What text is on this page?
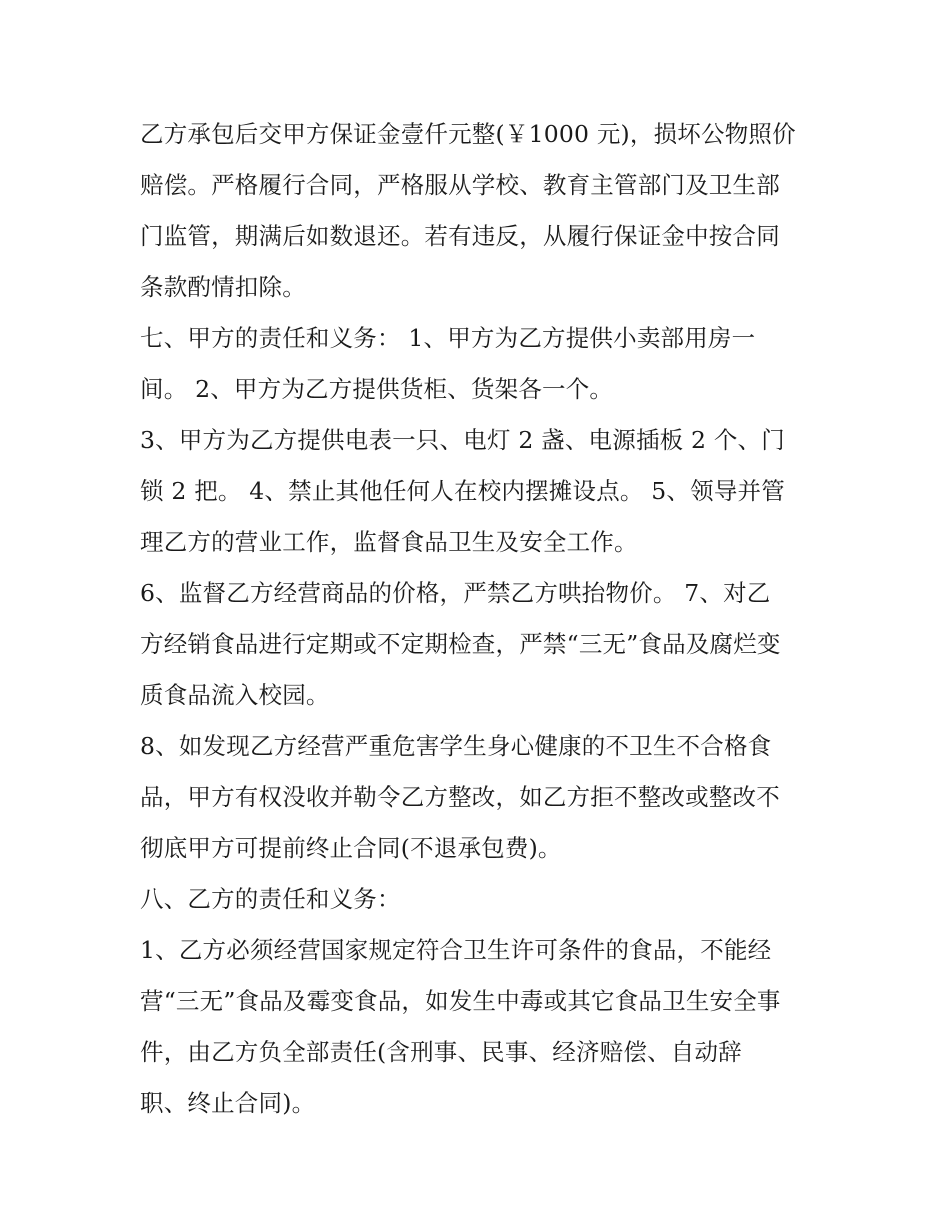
乙方承包后交甲方保证金壹仟元整(￥1000 元)，损坏公物照价
赔偿。严格履行合同，严格服从学校、教育主管部门及卫生部
门监管，期满后如数退还。若有违反，从履行保证金中按合同
条款酌情扣除。
七、甲方的责任和义务： 1、甲方为乙方提供小卖部用房一
间。 2、甲方为乙方提供货柜、货架各一个。
3、甲方为乙方提供电表一只、电灯 2 盏、电源插板 2 个、门
锁 2 把。 4、禁止其他任何人在校内摆摊设点。 5、领导并管
理乙方的营业工作，监督食品卫生及安全工作。
6、监督乙方经营商品的价格，严禁乙方哄抬物价。 7、对乙
方经销食品进行定期或不定期检查，严禁“三无”食品及腐烂变
质食品流入校园。
8、如发现乙方经营严重危害学生身心健康的不卫生不合格食
品，甲方有权没收并勒令乙方整改，如乙方拒不整改或整改不
彻底甲方可提前终止合同(不退承包费)。
八、乙方的责任和义务：
1、乙方必须经营国家规定符合卫生许可条件的食品，不能经
营“三无”食品及霉变食品，如发生中毒或其它食品卫生安全事
件，由乙方负全部责任(含刑事、民事、经济赔偿、自动辞
职、终止合同)。
